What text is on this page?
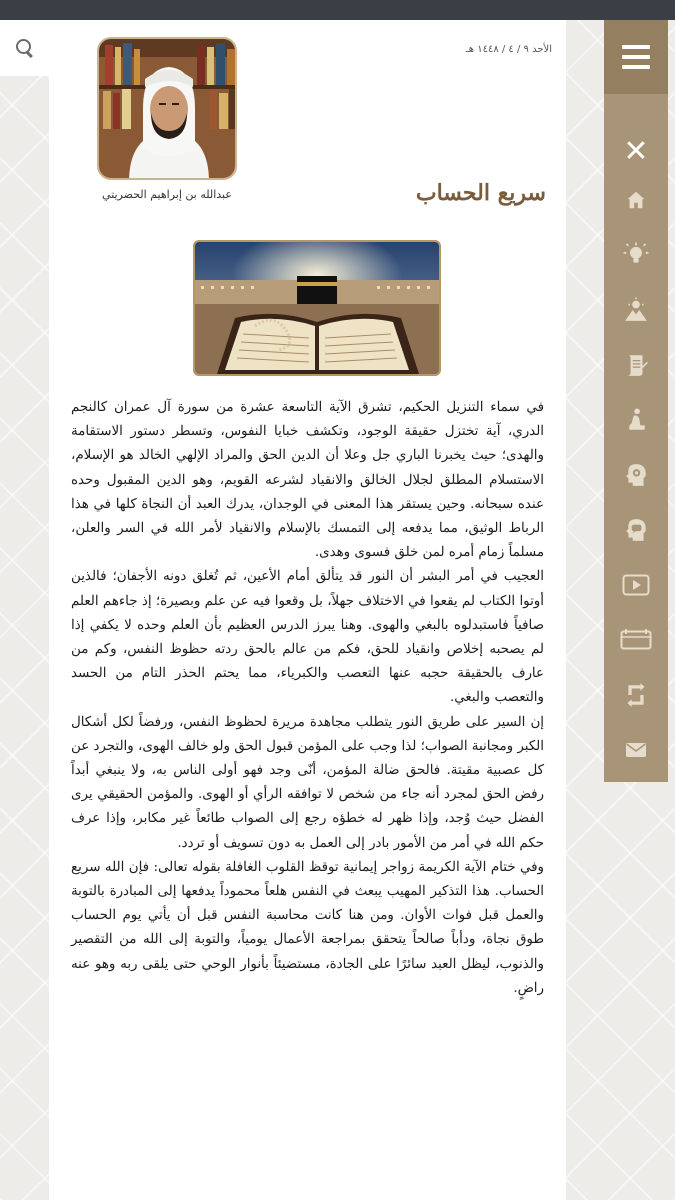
الأحد ٩ / ٤ / ١٤٤٨ هـ
عبدالله بن إبراهيم الحضريتي	سريع الحساب

في سماء التنزيل الحكيم، تشرق الآية التاسعة عشرة من سورة آل عمران كالنجم الدري، آية تختزل حقيقة الوجود، وتكشف خبايا النفوس، وتسطر دستور الاستقامة والهدى؛ حيث يخبرنا الباري جل وعلا أن الدين الحق والمراد الإلهي الخالد هو الإسلام، الاستسلام المطلق لجلال الخالق والانقياد لشرعه القويم، وهو الدين المقبول وحده عنده سبحانه. وحين يستقر هذا المعنى في الوجدان، يدرك العبد أن النجاة كلها في هذا الرباط الوثيق، مما يدفعه إلى التمسك بالإسلام والانقياد لأمر الله في السر والعلن، مسلماً زمام أمره لمن خلق فسوى وهدى.

العجيب في أمر البشر أن النور قد يتألق أمام الأعين، ثم تُغلق دونه الأجفان؛ فالذين أوتوا الكتاب لم يقعوا في الاختلاف جهلاً، بل وقعوا فيه عن علم وبصيرة؛ إذ جاءهم العلم صافياً فاستبدلوه بالبغي والهوى. وهنا يبرز الدرس العظيم بأن العلم وحده لا يكفي إذا لم يصحبه إخلاص وانقياد للحق، فكم من عالم بالحق ردته حظوظ النفس، وكم من عارف بالحقيقة حجبه عنها التعصب والكبرياء، مما يحتم الحذر التام من الحسد والتعصب والبغي.

إن السير على طريق النور يتطلب مجاهدة مريرة لحظوظ النفس، ورفضاً لكل أشكال الكبر ومجانبة الصواب؛ لذا وجب على المؤمن قبول الحق ولو خالف الهوى، والتجرد عن كل عصبية مقيتة. فالحق ضالة المؤمن، أنّى وجد فهو أولى الناس به، ولا ينبغي أبداً رفض الحق لمجرد أنه جاء من شخص لا توافقه الرأي أو الهوى. والمؤمن الحقيقي يرى الفضل حيث وُجد، وإذا ظهر له خطؤه رجع إلى الصواب طائعاً غير مكابر، وإذا عرف حكم الله في أمر من الأمور بادر إلى العمل به دون تسويف أو تردد.

وفي ختام الآية الكريمة زواجر إيمانية توقظ القلوب الغافلة بقوله تعالى: فإن الله سريع الحساب. هذا التذكير المهيب يبعث في النفس هلعاً محموداً يدفعها إلى المبادرة بالتوبة والعمل قبل فوات الأوان. ومن هنا كانت محاسبة النفس قبل أن يأتي يوم الحساب طوق نجاة، ودأباً صالحاً يتحقق بمراجعة الأعمال يومياً، والتوبة إلى الله من التقصير والذنوب، ليظل العبد سائرًا على الجادة، مستضيئاً بأنوار الوحي حتى يلقى ربه وهو عنه راضٍ.

✕
